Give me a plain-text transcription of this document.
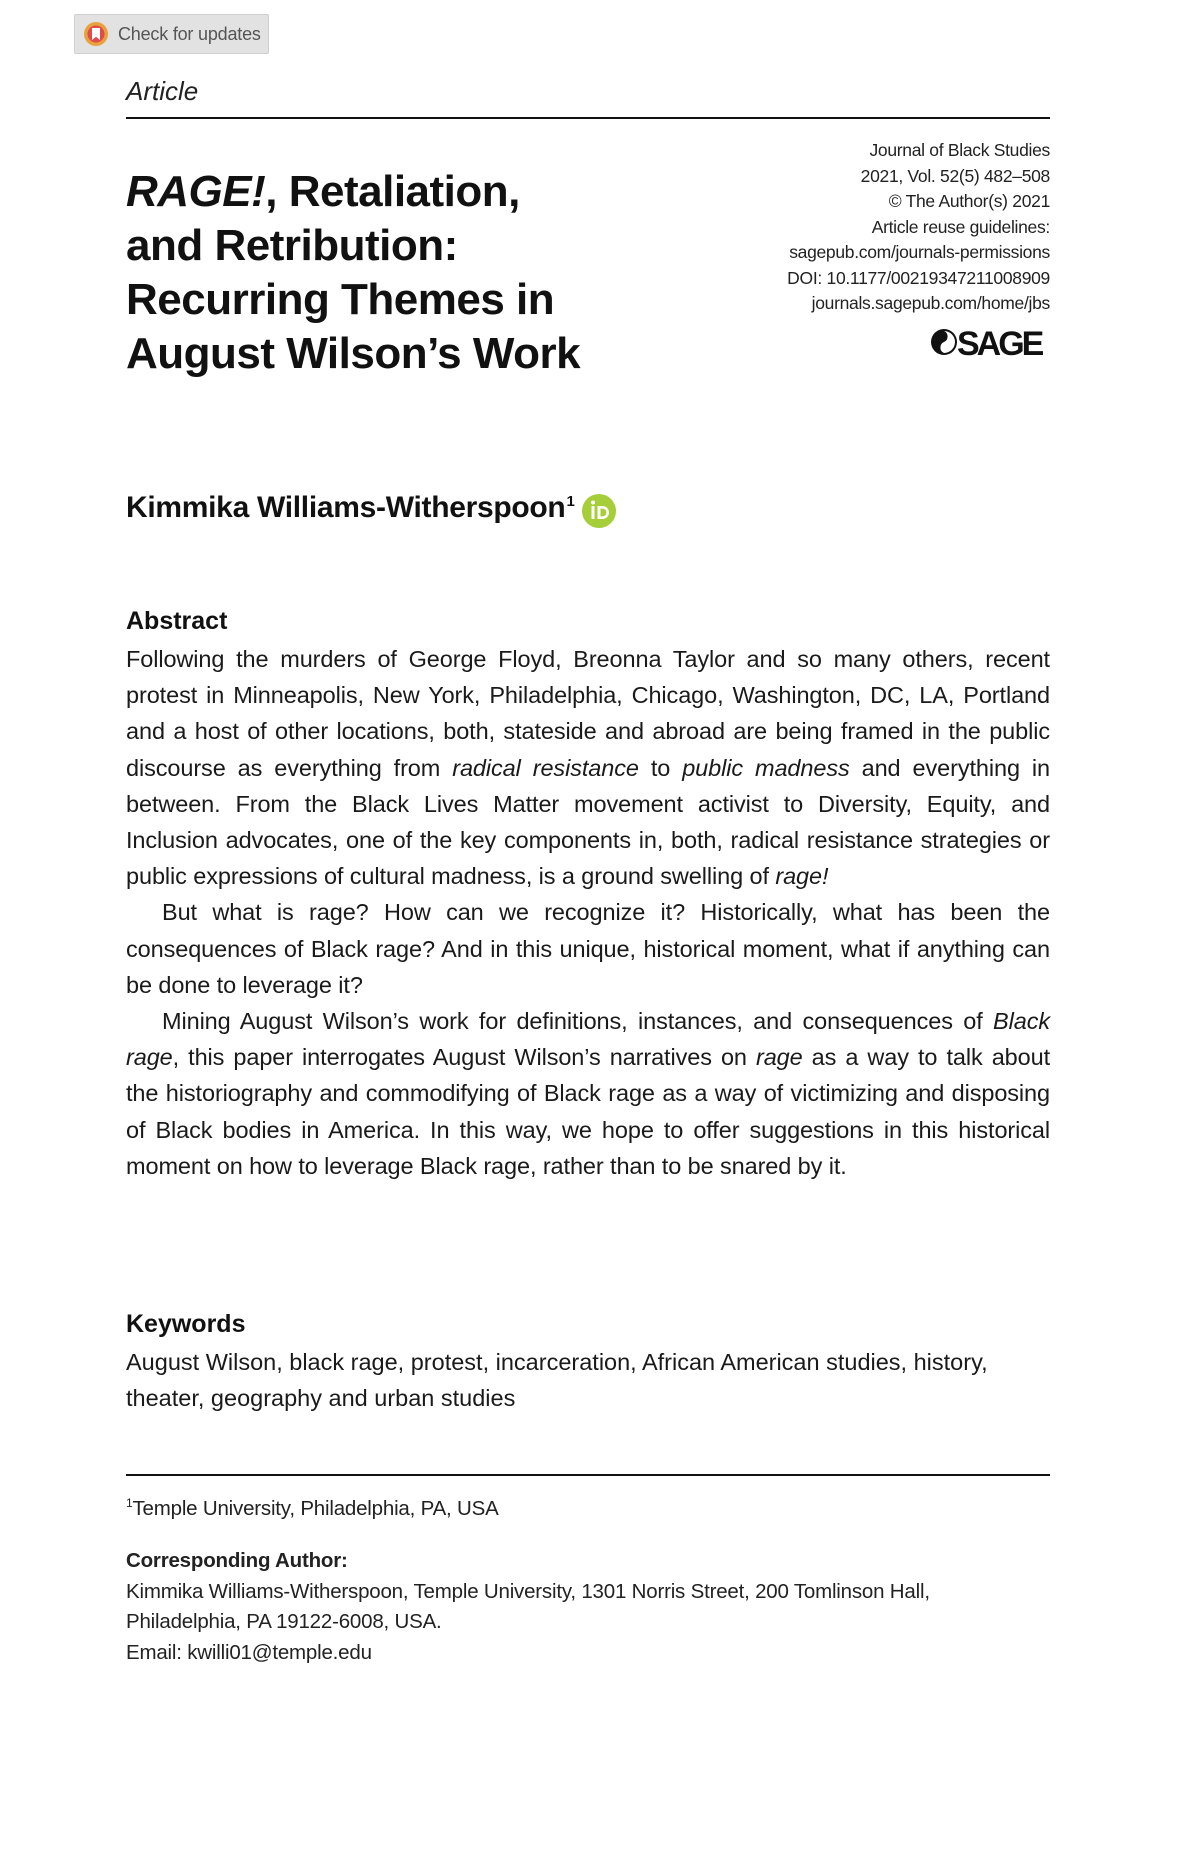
Check for updates
Article
Journal of Black Studies
2021, Vol. 52(5) 482–508
© The Author(s) 2021
Article reuse guidelines:
sagepub.com/journals-permissions
DOI: 10.1177/00219347211008909
journals.sagepub.com/home/jbs
SAGE
RAGE!, Retaliation,
and Retribution:
Recurring Themes in
August Wilson’s Work
Kimmika Williams-Witherspoon$^1$
Abstract

Following the murders of George Floyd, Breonna Taylor and so many others, recent protest in Minneapolis, New York, Philadelphia, Chicago, Washington, DC, LA, Portland and a host of other locations, both, stateside and abroad are being framed in the public discourse as everything from radical resistance to public madness and everything in between. From the Black Lives Matter movement activist to Diversity, Equity, and Inclusion advocates, one of the key components in, both, radical resistance strategies or public expressions of cultural madness, is a ground swelling of rage!

But what is rage? How can we recognize it? Historically, what has been the consequences of Black rage? And in this unique, historical moment, what if anything can be done to leverage it?

Mining August Wilson’s work for definitions, instances, and consequences of Black rage, this paper interrogates August Wilson’s narratives on rage as a way to talk about the historiography and commodifying of Black rage as a way of victimizing and disposing of Black bodies in America. In this way, we hope to offer suggestions in this historical moment on how to leverage Black rage, rather than to be snared by it.

Keywords
August Wilson, black rage, protest, incarceration, African American studies, history, theater, geography and urban studies
$^1$Temple University, Philadelphia, PA, USA
Corresponding Author:
Kimmika Williams-Witherspoon, Temple University, 1301 Norris Street, 200 Tomlinson Hall,
Philadelphia, PA 19122-6008, USA.
Email: kwilli01@temple.edu
